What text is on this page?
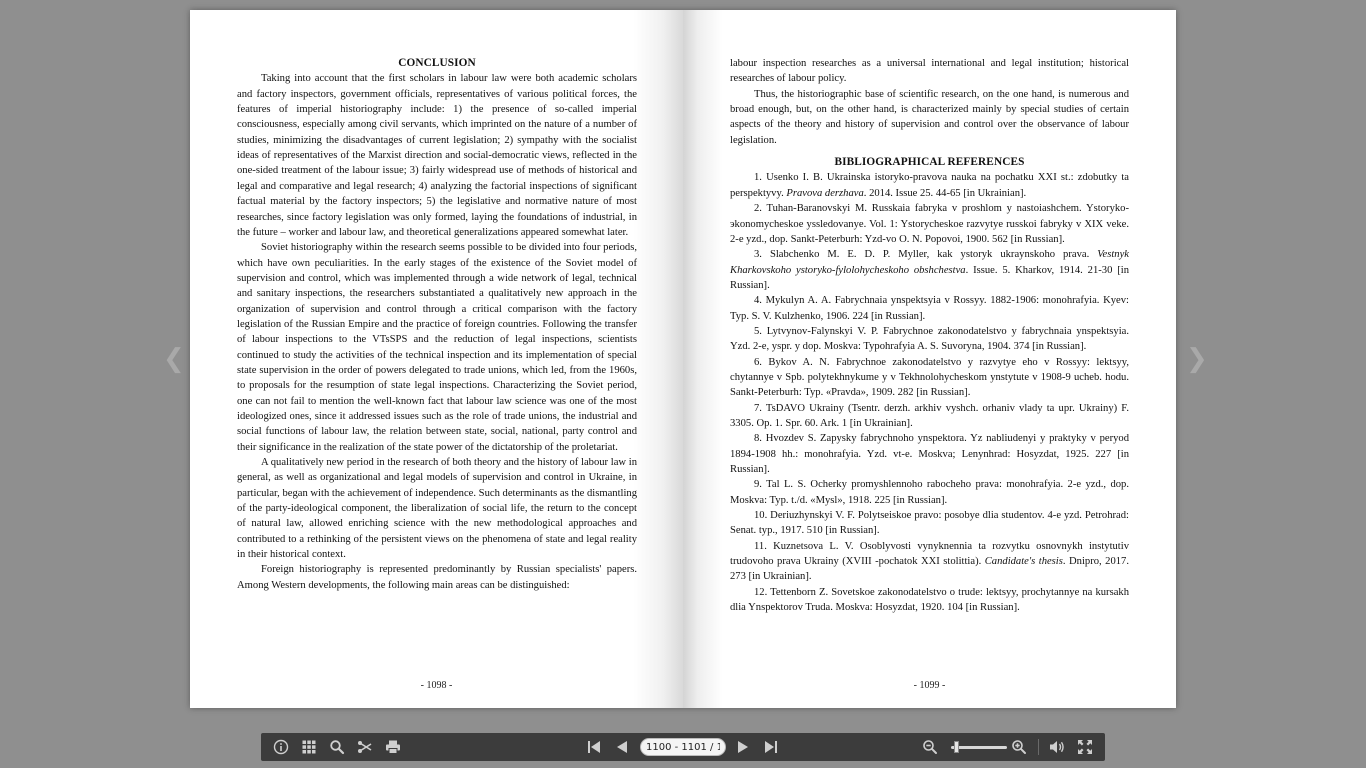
❮	❯
CONCLUSION

Taking into account that the first scholars in labour law were both academic scholars and factory inspectors, government officials, representatives of various political forces, the features of imperial historiography include: 1) the presence of so-called imperial consciousness, especially among civil servants, which imprinted on the nature of a number of studies, minimizing the disadvantages of current legislation; 2) sympathy with the socialist ideas of representatives of the Marxist direction and social-democratic views, reflected in the one-sided treatment of the labour issue; 3) fairly widespread use of methods of historical and legal and comparative and legal research; 4) analyzing the factorial inspections of significant factual material by the factory inspectors; 5) the legislative and normative nature of most researches, since factory legislation was only formed, laying the foundations of industrial, in the future – worker and labour law, and theoretical generalizations appeared somewhat later.

Soviet historiography within the research seems possible to be divided into four periods, which have own peculiarities. In the early stages of the existence of the Soviet model of supervision and control, which was implemented through a wide network of legal, technical and sanitary inspections, the researchers substantiated a qualitatively new approach in the organization of supervision and control through a critical comparison with the factory legislation of the Russian Empire and the practice of foreign countries. Following the transfer of labour inspections to the VTsSPS and the reduction of legal inspections, scientists continued to study the activities of the technical inspection and its implementation of special state supervision in the order of powers delegated to trade unions, which led, from the 1960s, to proposals for the resumption of state legal inspections. Characterizing the Soviet period, one can not fail to mention the well-known fact that labour law science was one of the most ideologized ones, since it addressed issues such as the role of trade unions, the industrial and social functions of labour law, the relation between state, social, national, party control and their significance in the realization of the state power of the dictatorship of the proletariat.

A qualitatively new period in the research of both theory and the history of labour law in general, as well as organizational and legal models of supervision and control in Ukraine, in particular, began with the achievement of independence. Such determinants as the dismantling of the party-ideological component, the liberalization of social life, the return to the concept of natural law, allowed enriching science with the new methodological approaches and contributed to a rethinking of the persistent views on the phenomena of state and legal reality in their historical context.

Foreign historiography is represented predominantly by Russian specialists' papers. Among Western developments, the following main areas can be distinguished:

- 1098 -

labour inspection researches as a universal international and legal institution; historical researches of labour policy.

Thus, the historiographic base of scientific research, on the one hand, is numerous and broad enough, but, on the other hand, is characterized mainly by special studies of certain aspects of the theory and history of supervision and control over the observance of labour legislation.

BIBLIOGRAPHICAL REFERENCES

1. Usenko I. B. Ukrainska istoryko-pravova nauka na pochatku XXI st.: zdobutky ta perspektyvy. Pravova derzhava. 2014. Issue 25. 44-65 [in Ukrainian].

2. Tuhan-Baranovskyi M. Russkaia fabryka v proshlom y nastoiashchem. Ystoryko-эkonomycheskoe yssledovanye. Vol. 1: Ystorycheskoe razvytye russkoi fabryky v XIX veke. 2-e yzd., dop. Sankt-Peterburh: Yzd-vo O. N. Popovoi, 1900. 562 [in Russian].

3. Slabchenko M. E. D. P. Myller, kak ystoryk ukraynskoho prava. Vestnyk Kharkovskoho ystoryko-fylolohycheskoho obshchestva. Issue. 5. Kharkov, 1914. 21-30 [in Russian].

4. Mykulyn A. A. Fabrychnaia ynspektsyia v Rossyy. 1882-1906: monohrafyia. Kyev: Typ. S. V. Kulzhenko, 1906. 224 [in Russian].

5. Lytvynov-Falynskyi V. P. Fabrychnoe zakonodatelstvo y fabrychnaia ynspektsyia. Yzd. 2-e, yspr. y dop. Moskva: Typohrafyia A. S. Suvoryna, 1904. 374 [in Russian].

6. Bykov A. N. Fabrychnoe zakonodatelstvo y razvytye eho v Rossyy: lektsyy, chytannye v Spb. polytekhnykume y v Tekhnolohycheskom ynstytute v 1908-9 ucheb. hodu. Sankt-Peterburh: Typ. «Pravda», 1909. 282 [in Russian].

7. TsDAVO Ukrainy (Tsentr. derzh. arkhiv vyshch. orhaniv vlady ta upr. Ukrainy) F. 3305. Op. 1. Spr. 60. Ark. 1 [in Ukrainian].

8. Hvozdev S. Zapysky fabrychnoho ynspektora. Yz nabliudenyi y praktyky v peryod 1894-1908 hh.: monohrafyia. Yzd. vt-e. Moskva; Lenynhrad: Hosyzdat, 1925. 227 [in Russian].

9. Tal L. S. Ocherky promyshlennoho rabocheho prava: monohrafyia. 2-e yzd., dop. Moskva: Typ. t./d. «Mysl», 1918. 225 [in Russian].

10. Deriuzhynskyi V. F. Polytseiskoe pravo: posobye dlia studentov. 4-e yzd. Petrohrad: Senat. typ., 1917. 510 [in Russian].

11. Kuznetsova L. V. Osoblyvosti vynyknennia ta rozvytku osnovnykh instytutiv trudovoho prava Ukrainy (XVIII -pochatok XXI stolittia). Candidate's thesis. Dnipro, 2017. 273 [in Ukrainian].

12. Tettenborn Z. Sovetskoe zakonodatelstvo o trude: lektsyy, prochytannye na kursakh dlia Ynspektorov Truda. Moskva: Hosyzdat, 1920. 104 [in Russian].

- 1099 -
1100 - 1101 / 1838
